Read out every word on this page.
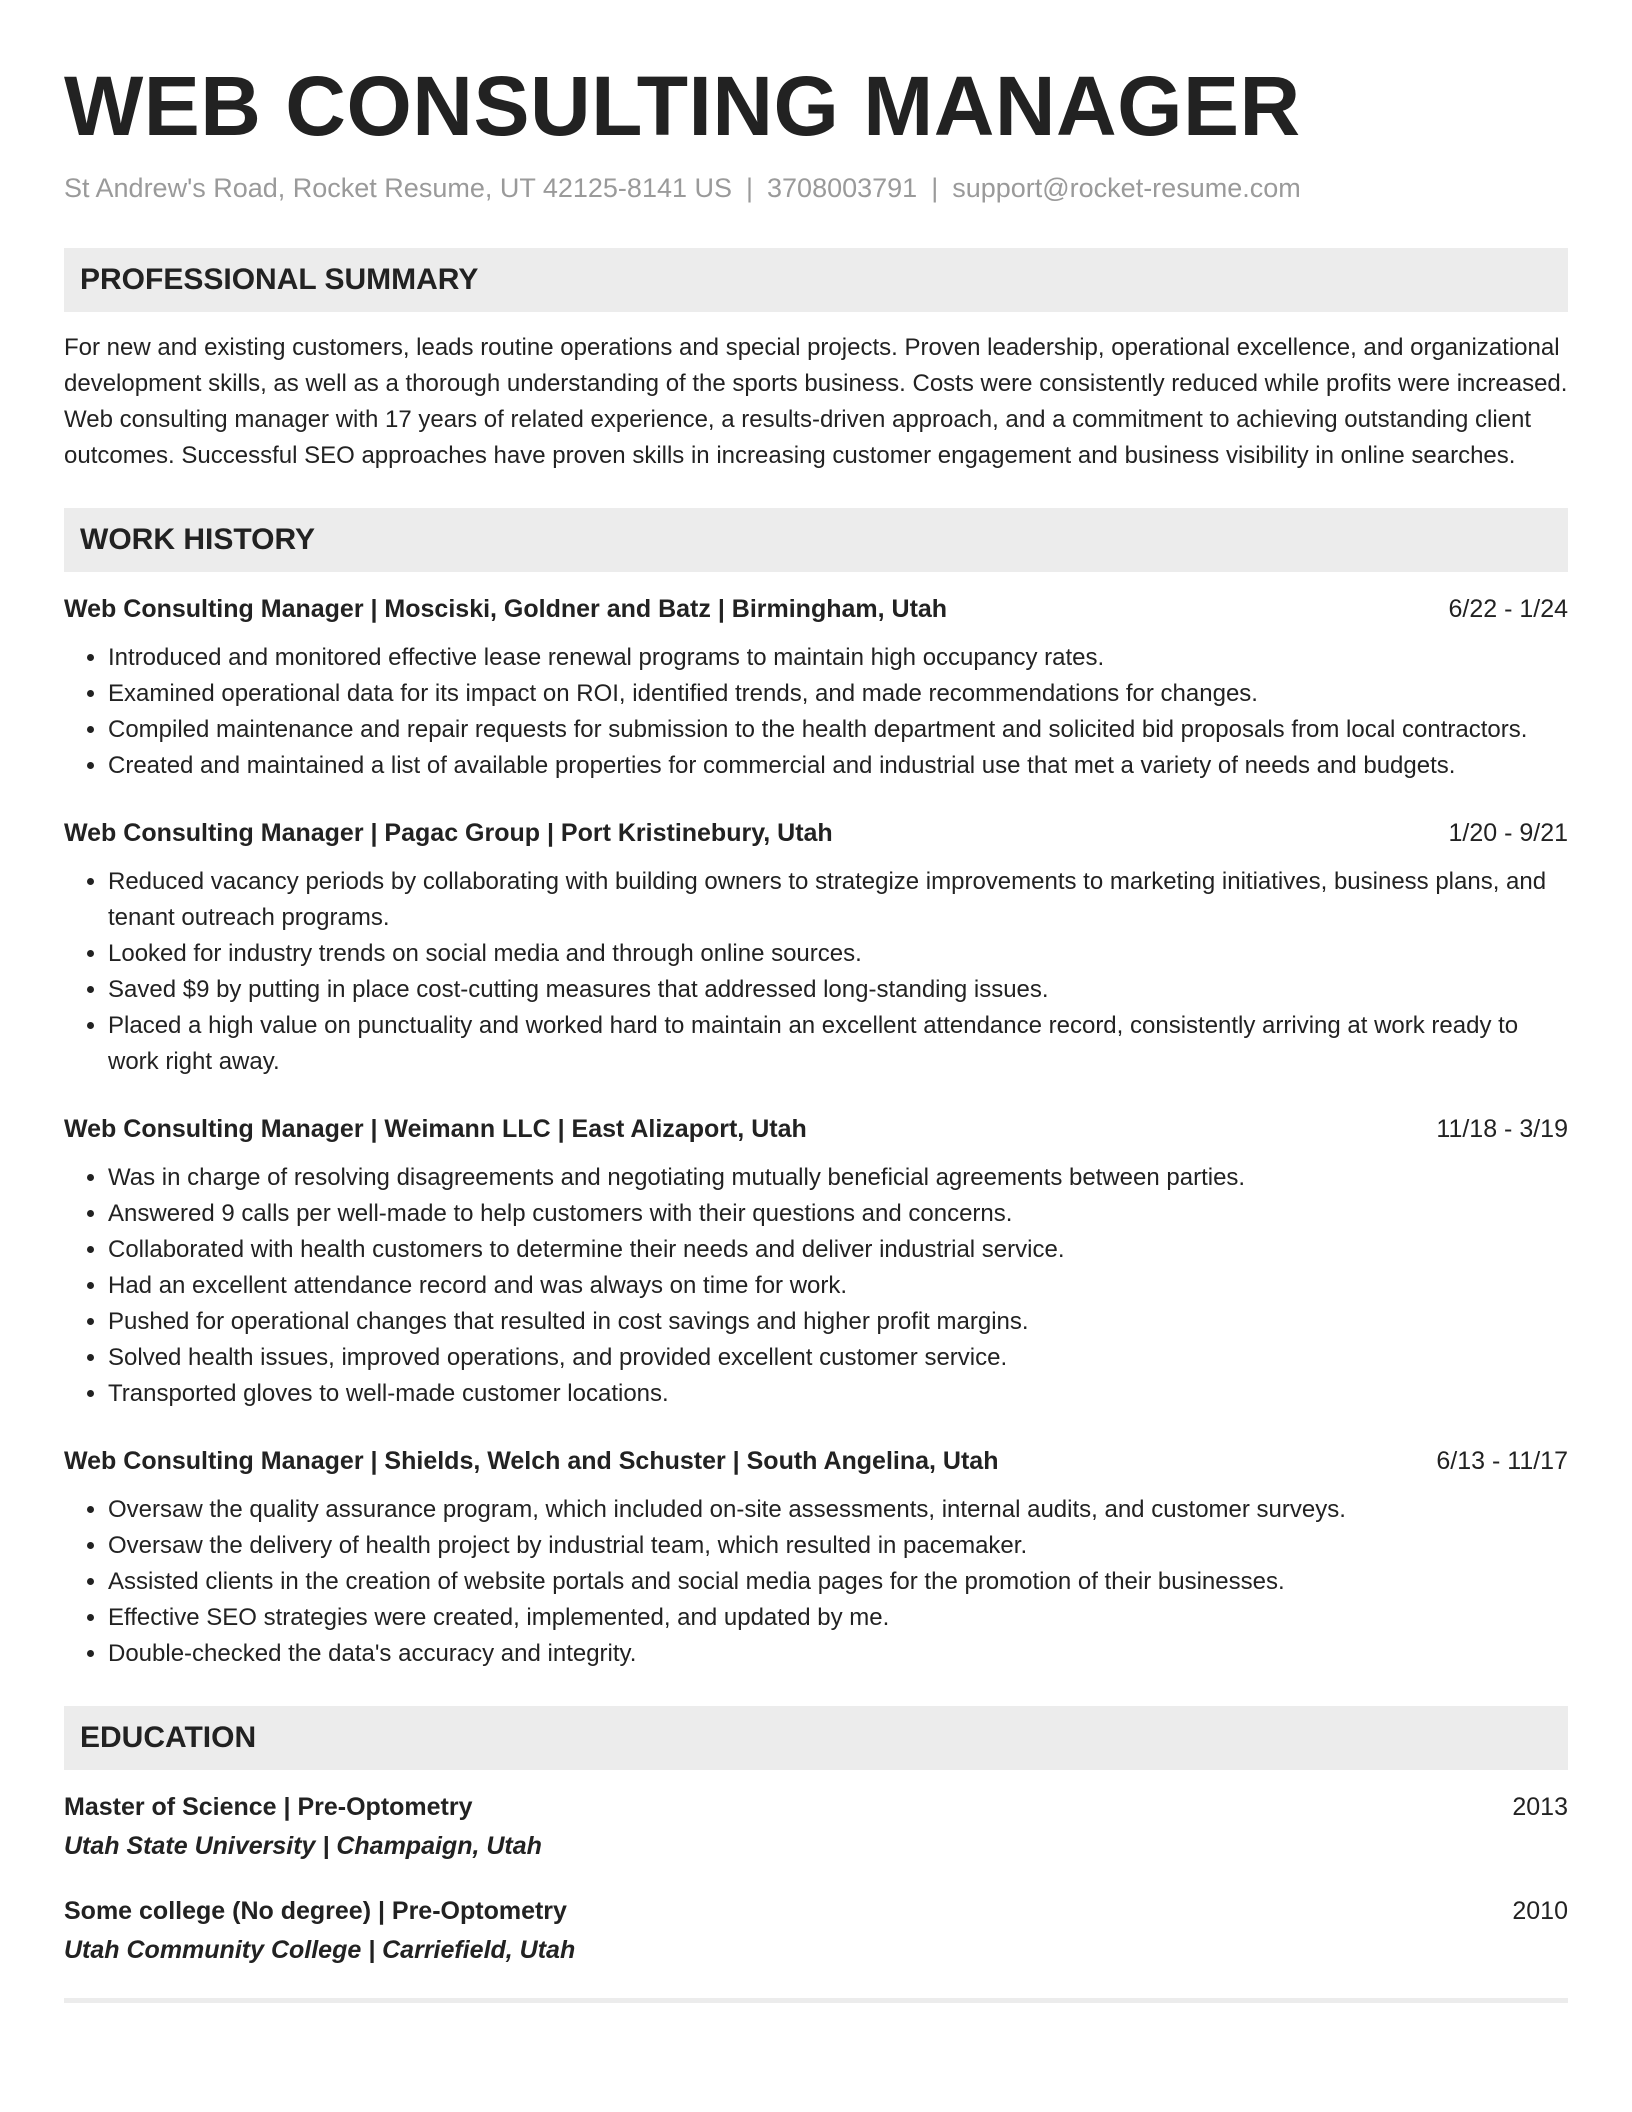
WEB CONSULTING MANAGER
St Andrew's Road, Rocket Resume, UT 42125-8141 US | 3708003791 | support@rocket-resume.com
PROFESSIONAL SUMMARY
For new and existing customers, leads routine operations and special projects. Proven leadership, operational excellence, and organizational development skills, as well as a thorough understanding of the sports business. Costs were consistently reduced while profits were increased. Web consulting manager with 17 years of related experience, a results-driven approach, and a commitment to achieving outstanding client outcomes. Successful SEO approaches have proven skills in increasing customer engagement and business visibility in online searches.
WORK HISTORY
Web Consulting Manager | Mosciski, Goldner and Batz | Birmingham, Utah	6/22 - 1/24
• Introduced and monitored effective lease renewal programs to maintain high occupancy rates.
• Examined operational data for its impact on ROI, identified trends, and made recommendations for changes.
• Compiled maintenance and repair requests for submission to the health department and solicited bid proposals from local contractors.
• Created and maintained a list of available properties for commercial and industrial use that met a variety of needs and budgets.
Web Consulting Manager | Pagac Group | Port Kristinebury, Utah	1/20 - 9/21
• Reduced vacancy periods by collaborating with building owners to strategize improvements to marketing initiatives, business plans, and tenant outreach programs.
• Looked for industry trends on social media and through online sources.
• Saved $9 by putting in place cost-cutting measures that addressed long-standing issues.
• Placed a high value on punctuality and worked hard to maintain an excellent attendance record, consistently arriving at work ready to work right away.
Web Consulting Manager | Weimann LLC | East Alizaport, Utah	11/18 - 3/19
• Was in charge of resolving disagreements and negotiating mutually beneficial agreements between parties.
• Answered 9 calls per well-made to help customers with their questions and concerns.
• Collaborated with health customers to determine their needs and deliver industrial service.
• Had an excellent attendance record and was always on time for work.
• Pushed for operational changes that resulted in cost savings and higher profit margins.
• Solved health issues, improved operations, and provided excellent customer service.
• Transported gloves to well-made customer locations.
Web Consulting Manager | Shields, Welch and Schuster | South Angelina, Utah	6/13 - 11/17
• Oversaw the quality assurance program, which included on-site assessments, internal audits, and customer surveys.
• Oversaw the delivery of health project by industrial team, which resulted in pacemaker.
• Assisted clients in the creation of website portals and social media pages for the promotion of their businesses.
• Effective SEO strategies were created, implemented, and updated by me.
• Double-checked the data's accuracy and integrity.
EDUCATION
Master of Science | Pre-Optometry	2013
Utah State University | Champaign, Utah
Some college (No degree) | Pre-Optometry	2010
Utah Community College | Carriefield, Utah
